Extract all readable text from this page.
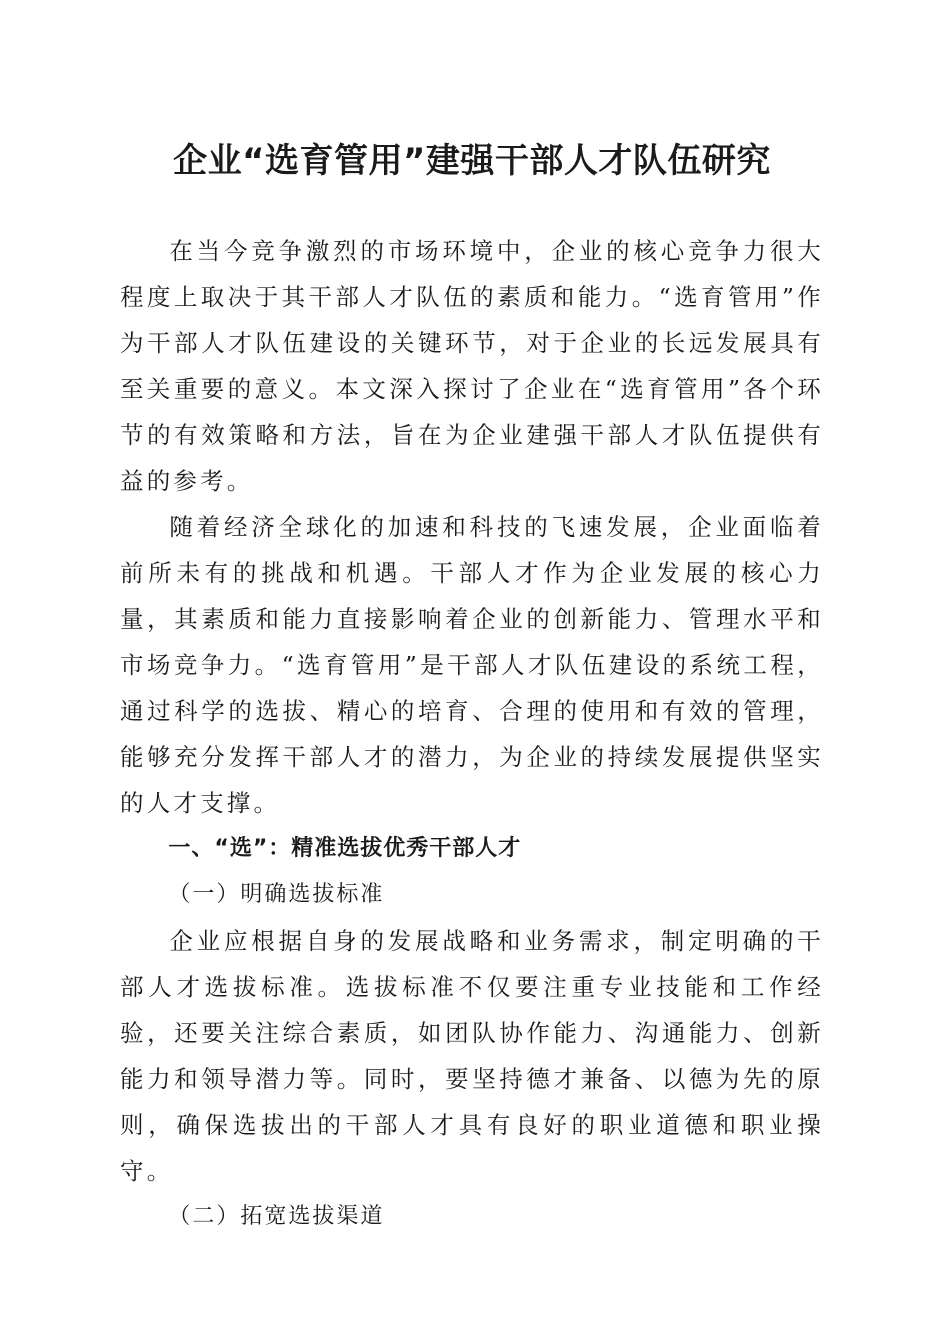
企业“选育管用”建强干部人才队伍研究

在当今竞争激烈的市场环境中，企业的核心竞争力很大程度上取决于其干部人才队伍的素质和能力。“选育管用”作为干部人才队伍建设的关键环节，对于企业的长远发展具有至关重要的意义。本文深入探讨了企业在“选育管用”各个环节的有效策略和方法，旨在为企业建强干部人才队伍提供有益的参考。

随着经济全球化的加速和科技的飞速发展，企业面临着前所未有的挑战和机遇。干部人才作为企业发展的核心力量，其素质和能力直接影响着企业的创新能力、管理水平和市场竞争力。“选育管用”是干部人才队伍建设的系统工程，通过科学的选拔、精心的培育、合理的使用和有效的管理，能够充分发挥干部人才的潜力，为企业的持续发展提供坚实的人才支撑。

一、“选”：精准选拔优秀干部人才

（一）明确选拔标准

企业应根据自身的发展战略和业务需求，制定明确的干部人才选拔标准。选拔标准不仅要注重专业技能和工作经验，还要关注综合素质，如团队协作能力、沟通能力、创新能力和领导潜力等。同时，要坚持德才兼备、以德为先的原则，确保选拔出的干部人才具有良好的职业道德和职业操守。

（二）拓宽选拔渠道
